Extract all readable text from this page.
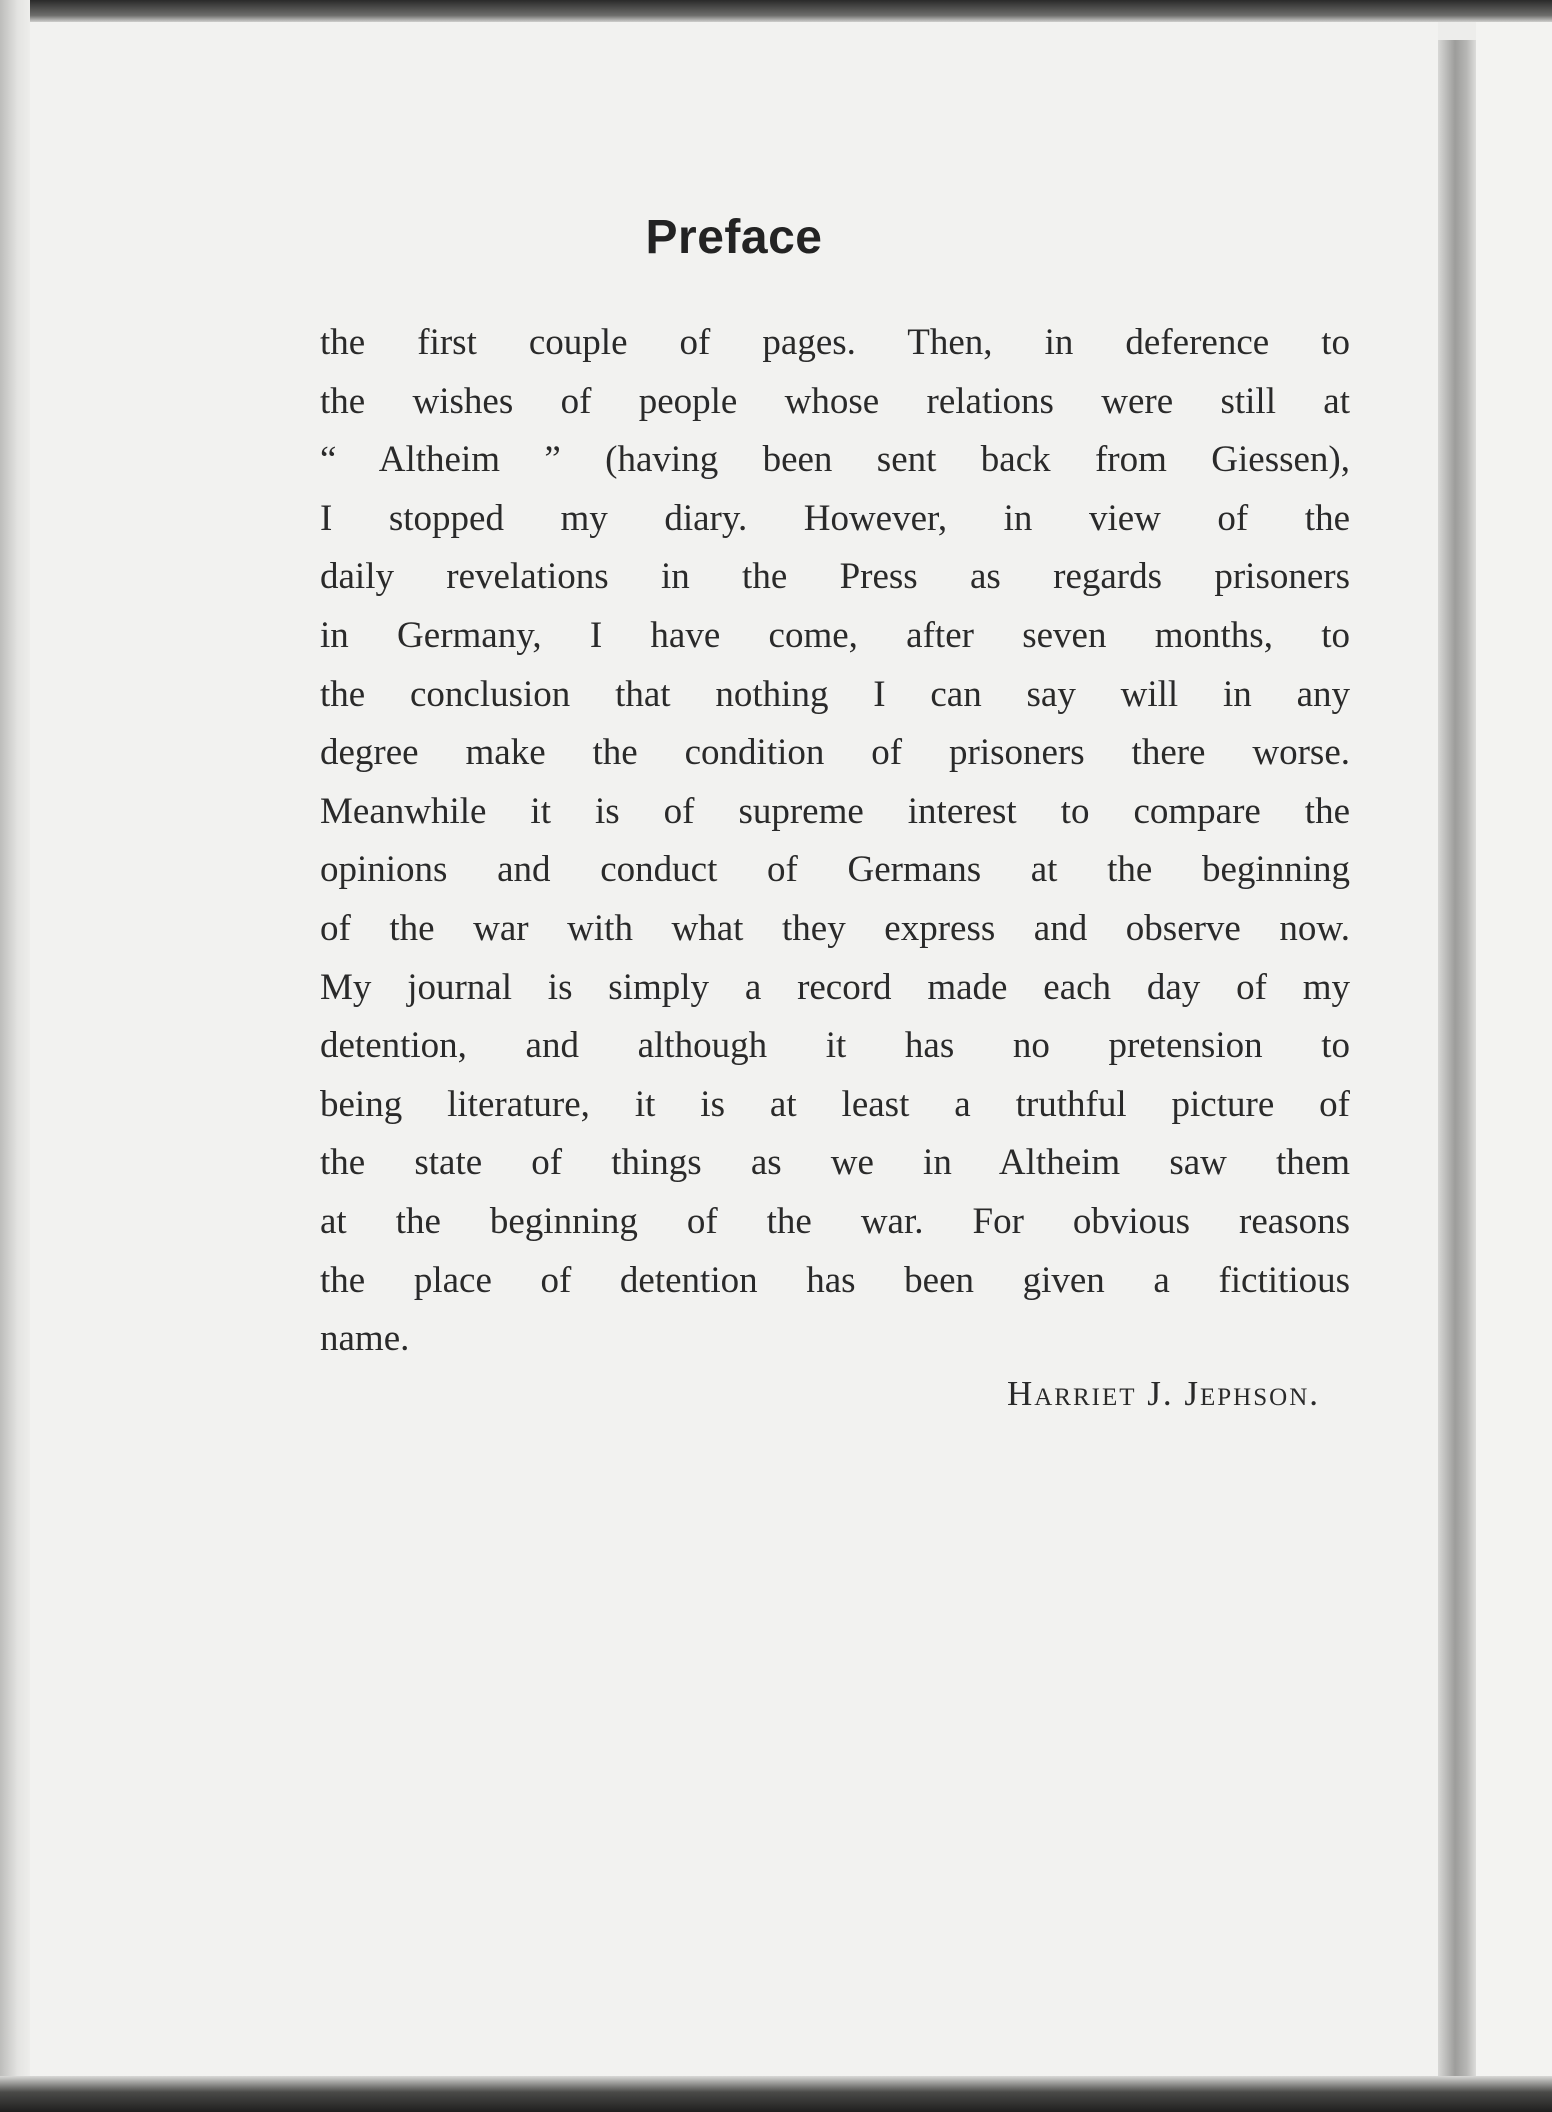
Preface
the first couple of pages. Then, in deference to
the wishes of people whose relations were still at
“ Altheim ” (having been sent back from Giessen),
I stopped my diary. However, in view of the
daily revelations in the Press as regards prisoners
in Germany, I have come, after seven months, to
the conclusion that nothing I can say will in any
degree make the condition of prisoners there worse.
Meanwhile it is of supreme interest to compare the
opinions and conduct of Germans at the beginning
of the war with what they express and observe now.
My journal is simply a record made each day of my
detention, and although it has no pretension to
being literature, it is at least a truthful picture of
the state of things as we in Altheim saw them
at the beginning of the war. For obvious reasons
the place of detention has been given a fictitious
name.
Harriet J. Jephson.
